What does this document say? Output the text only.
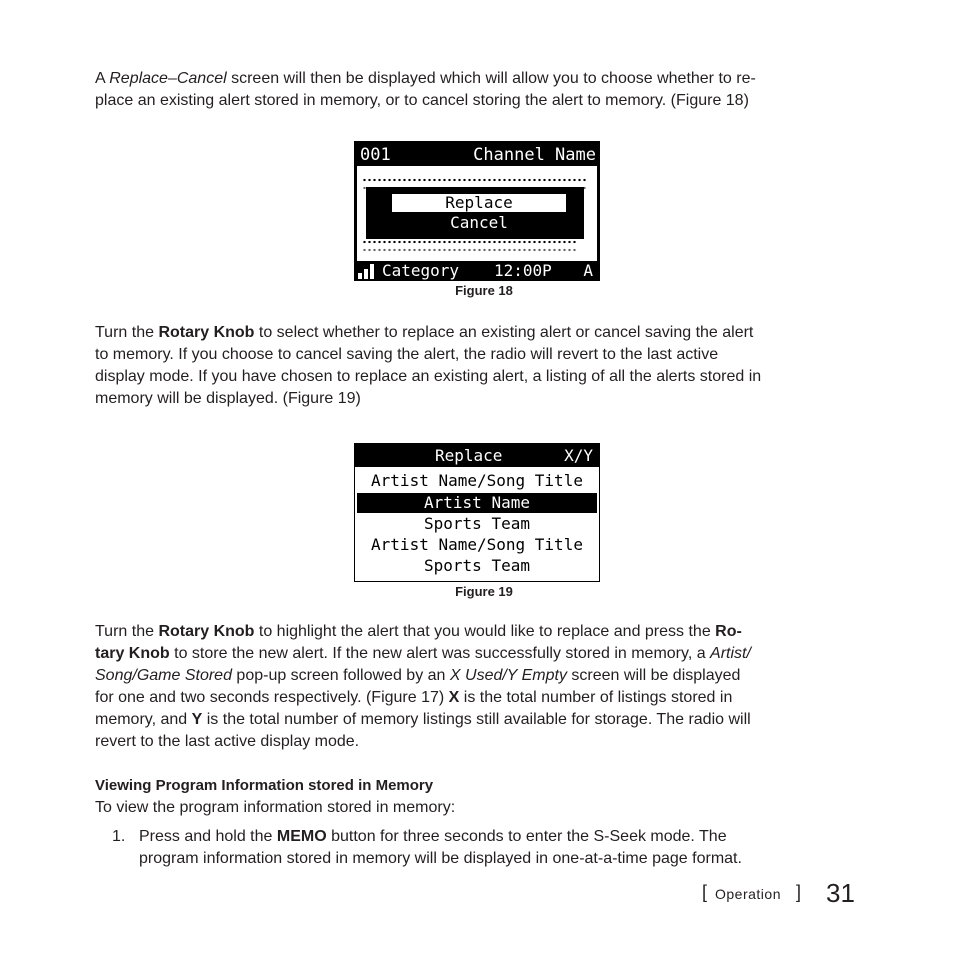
A Replace–Cancel screen will then be displayed which will allow you to choose whether to re-
place an existing alert stored in memory, or to cancel storing the alert to memory. (Figure 18)

001	Channel Name
Replace
Cancel
Category 12:00P A

Figure 18

Turn the Rotary Knob to select whether to replace an existing alert or cancel saving the alert
to memory. If you choose to cancel saving the alert, the radio will revert to the last active
display mode. If you have chosen to replace an existing alert, a listing of all the alerts stored in
memory will be displayed. (Figure 19)

Replace	X/Y
Artist Name/Song Title
Artist Name
Sports Team
Artist Name/Song Title
Sports Team

Figure 19

Turn the Rotary Knob to highlight the alert that you would like to replace and press the Ro-
tary Knob to store the new alert. If the new alert was successfully stored in memory, a Artist/
Song/Game Stored pop-up screen followed by an X Used/Y Empty screen will be displayed
for one and two seconds respectively. (Figure 17) X is the total number of listings stored in
memory, and Y is the total number of memory listings still available for storage. The radio will
revert to the last active display mode.

Viewing Program Information stored in Memory

To view the program information stored in memory:

1. Press and hold the MEMO button for three seconds to enter the S-Seek mode. The
program information stored in memory will be displayed in one-at-a-time page format.

[ Operation ] 31
